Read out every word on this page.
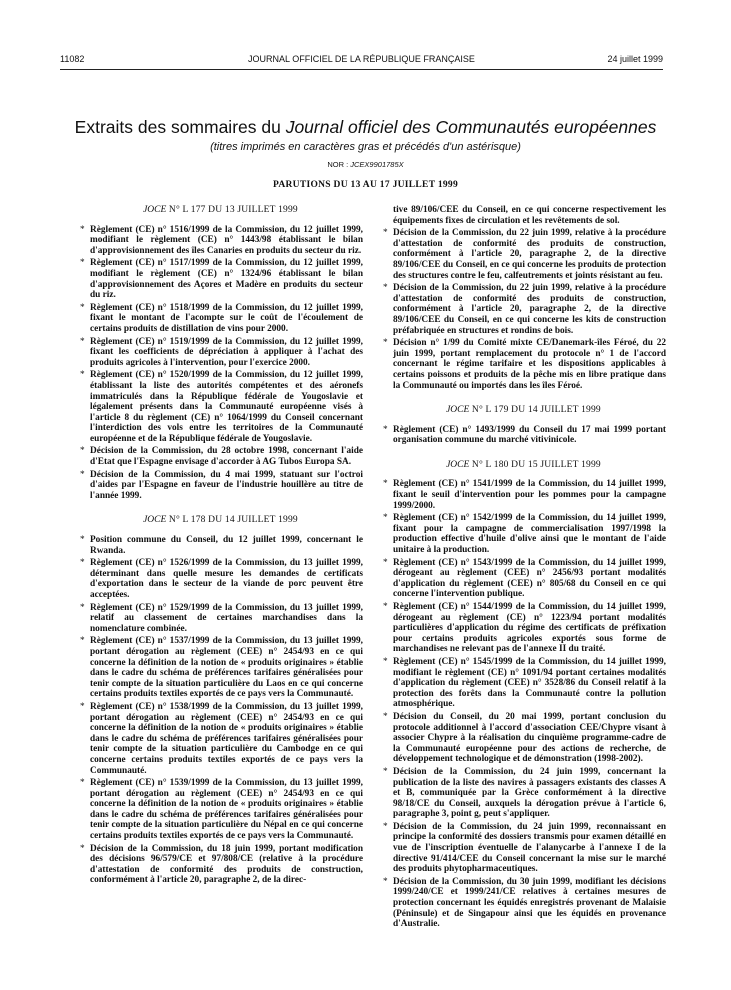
11082	JOURNAL OFFICIEL DE LA RÉPUBLIQUE FRANÇAISE	24 juillet 1999
Extraits des sommaires du Journal officiel des Communautés européennes
(titres imprimés en caractères gras et précédés d'un astérisque)
NOR : JCEX9901785X
PARUTIONS DU 13 AU 17 JUILLET 1999
JOCE N° L 177 DU 13 JUILLET 1999
* Règlement (CE) n° 1516/1999 de la Commission, du 12 juillet 1999, modifiant le règlement (CE) n° 1443/98 établissant le bilan d'approvisionnement des îles Canaries en produits du secteur du riz.
* Règlement (CE) n° 1517/1999 de la Commission, du 12 juillet 1999, modifiant le règlement (CE) n° 1324/96 établissant le bilan d'approvisionnement des Açores et Madère en produits du secteur du riz.
* Règlement (CE) n° 1518/1999 de la Commission, du 12 juillet 1999, fixant le montant de l'acompte sur le coût de l'écoulement de certains produits de distillation de vins pour 2000.
* Règlement (CE) n° 1519/1999 de la Commission, du 12 juillet 1999, fixant les coefficients de dépréciation à appliquer à l'achat des produits agricoles à l'intervention, pour l'exercice 2000.
* Règlement (CE) n° 1520/1999 de la Commission, du 12 juillet 1999, établissant la liste des autorités compétentes et des aéronefs immatriculés dans la République fédérale de Yougoslavie et légalement présents dans la Communauté européenne visés à l'article 8 du règlement (CE) n° 1064/1999 du Conseil concernant l'interdiction des vols entre les territoires de la Communauté européenne et de la République fédérale de Yougoslavie.
* Décision de la Commission, du 28 octobre 1998, concernant l'aide d'Etat que l'Espagne envisage d'accorder à AG Tubos Europa SA.
* Décision de la Commission, du 4 mai 1999, statuant sur l'octroi d'aides par l'Espagne en faveur de l'industrie houillère au titre de l'année 1999.
JOCE N° L 178 DU 14 JUILLET 1999
* Position commune du Conseil, du 12 juillet 1999, concernant le Rwanda.
* Règlement (CE) n° 1526/1999 de la Commission, du 13 juillet 1999, déterminant dans quelle mesure les demandes de certificats d'exportation dans le secteur de la viande de porc peuvent être acceptées.
* Règlement (CE) n° 1529/1999 de la Commission, du 13 juillet 1999, relatif au classement de certaines marchandises dans la nomenclature combinée.
* Règlement (CE) n° 1537/1999 de la Commission, du 13 juillet 1999, portant dérogation au règlement (CEE) n° 2454/93 en ce qui concerne la définition de la notion de « produits originaires » établie dans le cadre du schéma de préférences tarifaires généralisées pour tenir compte de la situation particulière du Laos en ce qui concerne certains produits textiles exportés de ce pays vers la Communauté.
* Règlement (CE) n° 1538/1999 de la Commission, du 13 juillet 1999, portant dérogation au règlement (CEE) n° 2454/93 en ce qui concerne la définition de la notion de « produits originaires » établie dans le cadre du schéma de préférences tarifaires généralisées pour tenir compte de la situation particulière du Cambodge en ce qui concerne certains produits textiles exportés de ce pays vers la Communauté.
* Règlement (CE) n° 1539/1999 de la Commission, du 13 juillet 1999, portant dérogation au règlement (CEE) n° 2454/93 en ce qui concerne la définition de la notion de « produits originaires » établie dans le cadre du schéma de préférences tarifaires généralisées pour tenir compte de la situation particulière du Népal en ce qui concerne certains produits textiles exportés de ce pays vers la Communauté.
* Décision de la Commission, du 18 juin 1999, portant modification des décisions 96/579/CE et 97/808/CE (relative à la procédure d'attestation de conformité des produits de construction, conformément à l'article 20, paragraphe 2, de la direc-
tive 89/106/CEE du Conseil, en ce qui concerne respectivement les équipements fixes de circulation et les revêtements de sol.
* Décision de la Commission, du 22 juin 1999, relative à la procédure d'attestation de conformité des produits de construction, conformément à l'article 20, paragraphe 2, de la directive 89/106/CEE du Conseil, en ce qui concerne les produits de protection des structures contre le feu, calfeutrements et joints résistant au feu.
* Décision de la Commission, du 22 juin 1999, relative à la procédure d'attestation de conformité des produits de construction, conformément à l'article 20, paragraphe 2, de la directive 89/106/CEE du Conseil, en ce qui concerne les kits de construction préfabriquée en structures et rondins de bois.
* Décision n° 1/99 du Comité mixte CE/Danemark-îles Féroé, du 22 juin 1999, portant remplacement du protocole n° 1 de l'accord concernant le régime tarifaire et les dispositions applicables à certains poissons et produits de la pêche mis en libre pratique dans la Communauté ou importés dans les îles Féroé.
JOCE N° L 179 DU 14 JUILLET 1999
* Règlement (CE) n° 1493/1999 du Conseil du 17 mai 1999 portant organisation commune du marché vitivinicole.
JOCE N° L 180 DU 15 JUILLET 1999
* Règlement (CE) n° 1541/1999 de la Commission, du 14 juillet 1999, fixant le seuil d'intervention pour les pommes pour la campagne 1999/2000.
* Règlement (CE) n° 1542/1999 de la Commission, du 14 juillet 1999, fixant pour la campagne de commercialisation 1997/1998 la production effective d'huile d'olive ainsi que le montant de l'aide unitaire à la production.
* Règlement (CE) n° 1543/1999 de la Commission, du 14 juillet 1999, dérogeant au règlement (CEE) n° 2456/93 portant modalités d'application du règlement (CEE) n° 805/68 du Conseil en ce qui concerne l'intervention publique.
* Règlement (CE) n° 1544/1999 de la Commission, du 14 juillet 1999, dérogeant au règlement (CE) n° 1223/94 portant modalités particulières d'application du régime des certificats de préfixation pour certains produits agricoles exportés sous forme de marchandises ne relevant pas de l'annexe II du traité.
* Règlement (CE) n° 1545/1999 de la Commission, du 14 juillet 1999, modifiant le règlement (CE) n° 1091/94 portant certaines modalités d'application du règlement (CEE) n° 3528/86 du Conseil relatif à la protection des forêts dans la Communauté contre la pollution atmosphérique.
* Décision du Conseil, du 20 mai 1999, portant conclusion du protocole additionnel à l'accord d'association CEE/Chypre visant à associer Chypre à la réalisation du cinquième programme-cadre de la Communauté européenne pour des actions de recherche, de développement technologique et de démonstration (1998-2002).
* Décision de la Commission, du 24 juin 1999, concernant la publication de la liste des navires à passagers existants des classes A et B, communiquée par la Grèce conformément à la directive 98/18/CE du Conseil, auxquels la dérogation prévue à l'article 6, paragraphe 3, point g, peut s'appliquer.
* Décision de la Commission, du 24 juin 1999, reconnaissant en principe la conformité des dossiers transmis pour examen détaillé en vue de l'inscription éventuelle de l'alanycarbe à l'annexe I de la directive 91/414/CEE du Conseil concernant la mise sur le marché des produits phytopharmaceutiques.
* Décision de la Commission, du 30 juin 1999, modifiant les décisions 1999/240/CE et 1999/241/CE relatives à certaines mesures de protection concernant les équidés enregistrés provenant de Malaisie (Péninsule) et de Singapour ainsi que les équidés en provenance d'Australie.
